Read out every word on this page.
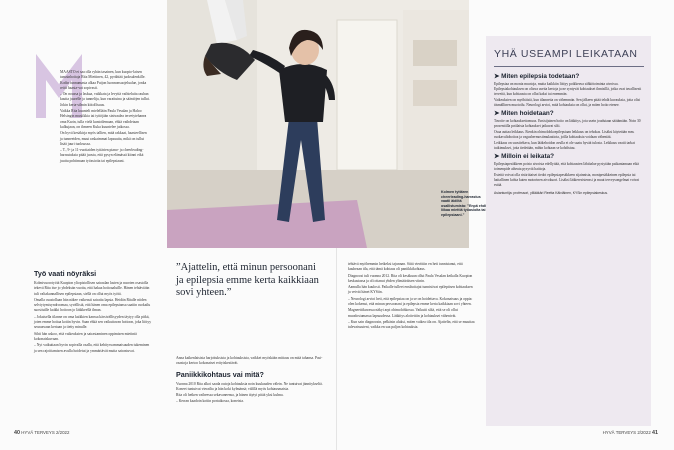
MAASTO ei saa olla ryhän tasainen, kun kuopio-laisen tanssinhoitaja Rita Miettinen, 42, pyrähtää juoksulenkille. Kodin tunnumasta alkaa Puijon luonnonsuojelualue, jonka reitit haasta-vat sopivasti.

– On noussa ja laskua, vaikkata ja levyttä vaihteluita rauhan kautta juurelle ja tunnelija, kun varattuina ja sääntöjen tullut. Jokin kerta-silmin kiitollisuus.

Vaikka Rita kuunteli mielellään Paula Vesalan ja Haloo Helsingin musiikkia tai tyttöjään sinivaalea tervetytehanea oma Karin, tulla vielä kuntoilemaan, ehkä vaihdetaan kulkujaan, on ihmeen Kuka kuuntelee jatkossa.

On hyvä kesäkirja myös tallien, mitä rakkaat, haasteellisen ja tunneeiden, muut raskaimmat lapsuutta, mikä on tullut lisää juuri tuoksussa.

– T., 9- ja 11-vuotiaiden tyttärien piano- ja cheerleading-harrastuksia pitää juosta, että pysyn elämässä kiinni eikä juuttu pohtimaan työasioita tai epilepsiaani.

Työ vaati nöyräksi

Kolmivuorotyötä Kuopion yliopistollisen sairaalan lasten ja nuorten osastolla tekevä Rita itse jo yhdeksän vuotta, että hakua hoitoaaluille. Hänen tehtäviään tuli valtakunnallisen epilepsiaan, siellä on ollut myös työtä.

Omalla osastollaan hän näkee vaikeasti sairaita lapsia. Heidän Ritalle niiden selviytymisyndroomaa, syvällistä, että hänen oma epilepsiansa saatiin ruokailu suosituille kaikki hoitoon jo lääkkeellä ilman.

– Jokaisella tilanne on oma kaikkien kanssa kärsivällisyyden täytyy olla pitkä, joten emme hoitaa kotiin hyvin. Saan ehkä sen vaikuttavan hoitoon, joka liittyy seuraavaan kertaan ja tietty minulle.

Sihti hän uskoo, että vaikeuksien ja sairastaminen oppimisen mietintä kokonaiskuvaan.

– Nyt vaikuttaan hyvin sopivalla osalla, että kehitysvammaisuuden tukeminen ja sen rajoittamisen avulla hoidetut ja ymmärtävät mutta sairastuvat.

40 HYVÄ TERVEYS 2/2022
Kolmen tyttären cheerleading-harrastus vaatii äidiltä osallistumista: ”Enpä ehdi liikaa miettiä työasioita tai epilepsiaani.”
”Ajattelin, että minun persoonani ja epilepsia emme kerta kaikkiaan sovi yhteen.”

Anna kaikenlaisista harjoituksista ja kohtauksista, vaikkei myöskään mittaus on mitä tahansa. Pasi-osastoja kertoo kokonaiset erityiskestävät.

Paniikkikohtaus vai mitä?

Vuonna 2010 Rita alkoi saada outoja kohtauksia noin kuukauden välein. Ne tuntuivat jännitykseltä. Koneet tuntuivat vierailta ja hän koki kylmänsä; välillä myös kohtausmaisia.

Rita oli hetken vaiheessa sekavaneensa, ja hänen täytyi pitää yksi kulma.

– Kerran kaadoin kotiin portaikossa, koneista.

tehtävä myöhemmin hetkeksi tajunnan. Siitä vierittiin en heti tunnistanut, että kauheaan tila, että tämä kohtaus oli paniikkikohtaus.

Diagnoosi tuli vuonna 2012. Rita oli kesäkuun ollut Paula Vesalan keikalla Kuopion keskustassa ja oli ottanut yhden ylimääräisen viinin.

Aamulla hän kuulosti. Paikalle tulleet ensihoitajat tunnistivat epileptisen kohtauksen ja veivät hänet KYSiin.

– Neurologi arvioi heti, että epilepsiaa on ja se on hoidettava. Kokonaisuus ja oppia: olen kokenut, että minun persoonani ja epilepsia emme kerta kaikkiaan sovi yhteen.

Magneettikuvassa näkyi arpi ohimolohkossa. Vaikutti siltä, että se oli ollut muodostumassa lapsuudessa. Lääkitys aloitettiin ja kohtaukset vähenivät.

– Kun sain diagnoosin, pelkäsin aluksi, miten vaikea tila on. Ajattelin, että se muuttaa tulevaisuuteni, vaikka en saa paljon kohtauksia.

YHÄ USEAMPI LEIKATAAN

➤ Miten epilepsia todetaan?

Epilepsiaa on monia muotoja, mutta kaikkiin liittyy poikkeava sähkötoiminta aivoissa. Epilepsiakohtauksen on oltava useita kertoja ja ne syntyvät kohtaukset ihmisillä, jotka ovat tavallisesti terveitä, kun kohtausta on ollut kaksi tai enemmän.

Vaikeuksien on myöhäisiä, kun tilannetta on vähemmän. Sen jälkeen pitää tehdä kuvauksia, jotta olisi täsmällinen muotoilu. Neurologi arvioi, mitä kohtauksia on ollut, ja miten hoito etenee.

➤ Miten hoidetaan?

Tavoite on kohtauksettomuus. Ensisijainen hoito on lääkitys, jota usein joudutaan säätämään. Noin 30 prosenttilla potilaista kohtaukset jatkuvat silti.

Osaa auttaa leikkaus. Etenkin ohimolohkoepilepsiaan leikkaus on tehokas. Lisäksi käytetään mm. ruokavaliohoitoa ja vagushermostimulaatiota, joilla kohtauksia voidaan vähentää.

Leikkaus on suositeltava, kun lääkehoidon avulla ei ole saatu hyvää tulosta. Leikkaus vaatii tarkat tutkimukset, jotta tiedetään, mihin kohtaan se kohdistuu.

➤ Milloin ei leikata?

Epilepsiapesäkkeen poisto aivoista edellyttää, että kohtausten lähtöalue pystytään paikantamaan eikä toimenpide aiheuta pysyviä haittoja.

Estettä voivat olla ristiriitaiset tiedot epilepsiapesäkkeen sijainnista, monipesäkkeinen epilepsia tai haitallinen kohta kuten motorinen aivokuori. Lisäksi lääkeresistenssi ja muut terveysongelmat voivat estää.

Asiantuntija: professori, ylilääkäri Reetta Kälviäinen, KYSin epilepsiakeskus.

HYVÄ TERVEYS 2/2022 41
